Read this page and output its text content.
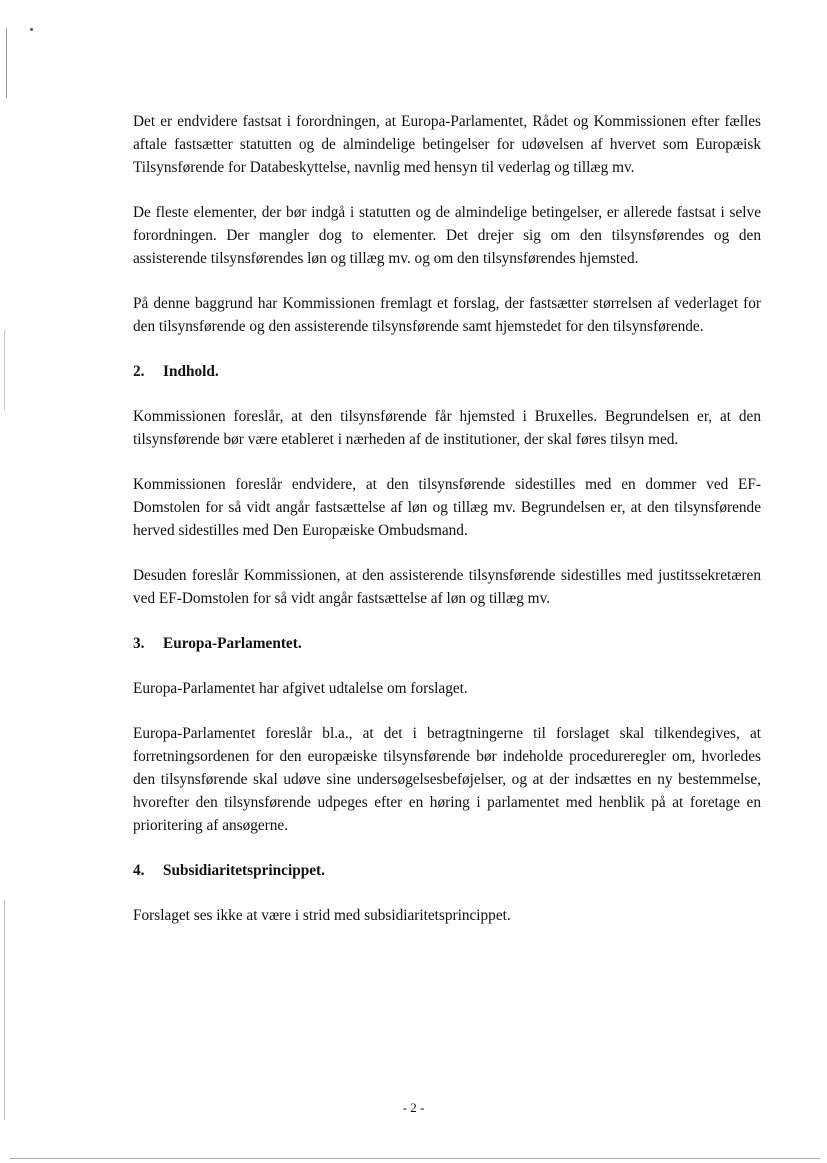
Det er endvidere fastsat i forordningen, at Europa-Parlamentet, Rådet og Kommissionen efter fælles aftale fastsætter statutten og de almindelige betingelser for udøvelsen af hvervet som Europæisk Tilsynsførende for Databeskyttelse, navnlig med hensyn til vederlag og tillæg mv.

De fleste elementer, der bør indgå i statutten og de almindelige betingelser, er allerede fastsat i selve forordningen. Der mangler dog to elementer. Det drejer sig om den tilsynsførendes og den assisterende tilsynsførendes løn og tillæg mv. og om den tilsynsførendes hjemsted.

På denne baggrund har Kommissionen fremlagt et forslag, der fastsætter størrelsen af vederlaget for den tilsynsførende og den assisterende tilsynsførende samt hjemstedet for den tilsynsførende.

2.	Indhold.

Kommissionen foreslår, at den tilsynsførende får hjemsted i Bruxelles. Begrundelsen er, at den tilsynsførende bør være etableret i nærheden af de institutioner, der skal føres tilsyn med.

Kommissionen foreslår endvidere, at den tilsynsførende sidestilles med en dommer ved EF-Domstolen for så vidt angår fastsættelse af løn og tillæg mv. Begrundelsen er, at den tilsynsførende herved sidestilles med Den Europæiske Ombudsmand.

Desuden foreslår Kommissionen, at den assisterende tilsynsførende sidestilles med justitssekretæren ved EF-Domstolen for så vidt angår fastsættelse af løn og tillæg mv.

3.	Europa-Parlamentet.

Europa-Parlamentet har afgivet udtalelse om forslaget.

Europa-Parlamentet foreslår bl.a., at det i betragtningerne til forslaget skal tilkendegives, at forretningsordenen for den europæiske tilsynsførende bør indeholde procedureregler om, hvorledes den tilsynsførende skal udøve sine undersøgelsesbeføjelser, og at der indsættes en ny bestemmelse, hvorefter den tilsynsførende udpeges efter en høring i parlamentet med henblik på at foretage en prioritering af ansøgerne.

4.	Subsidiaritetsprincippet.

Forslaget ses ikke at være i strid med subsidiaritetsprincippet.

- 2 -
